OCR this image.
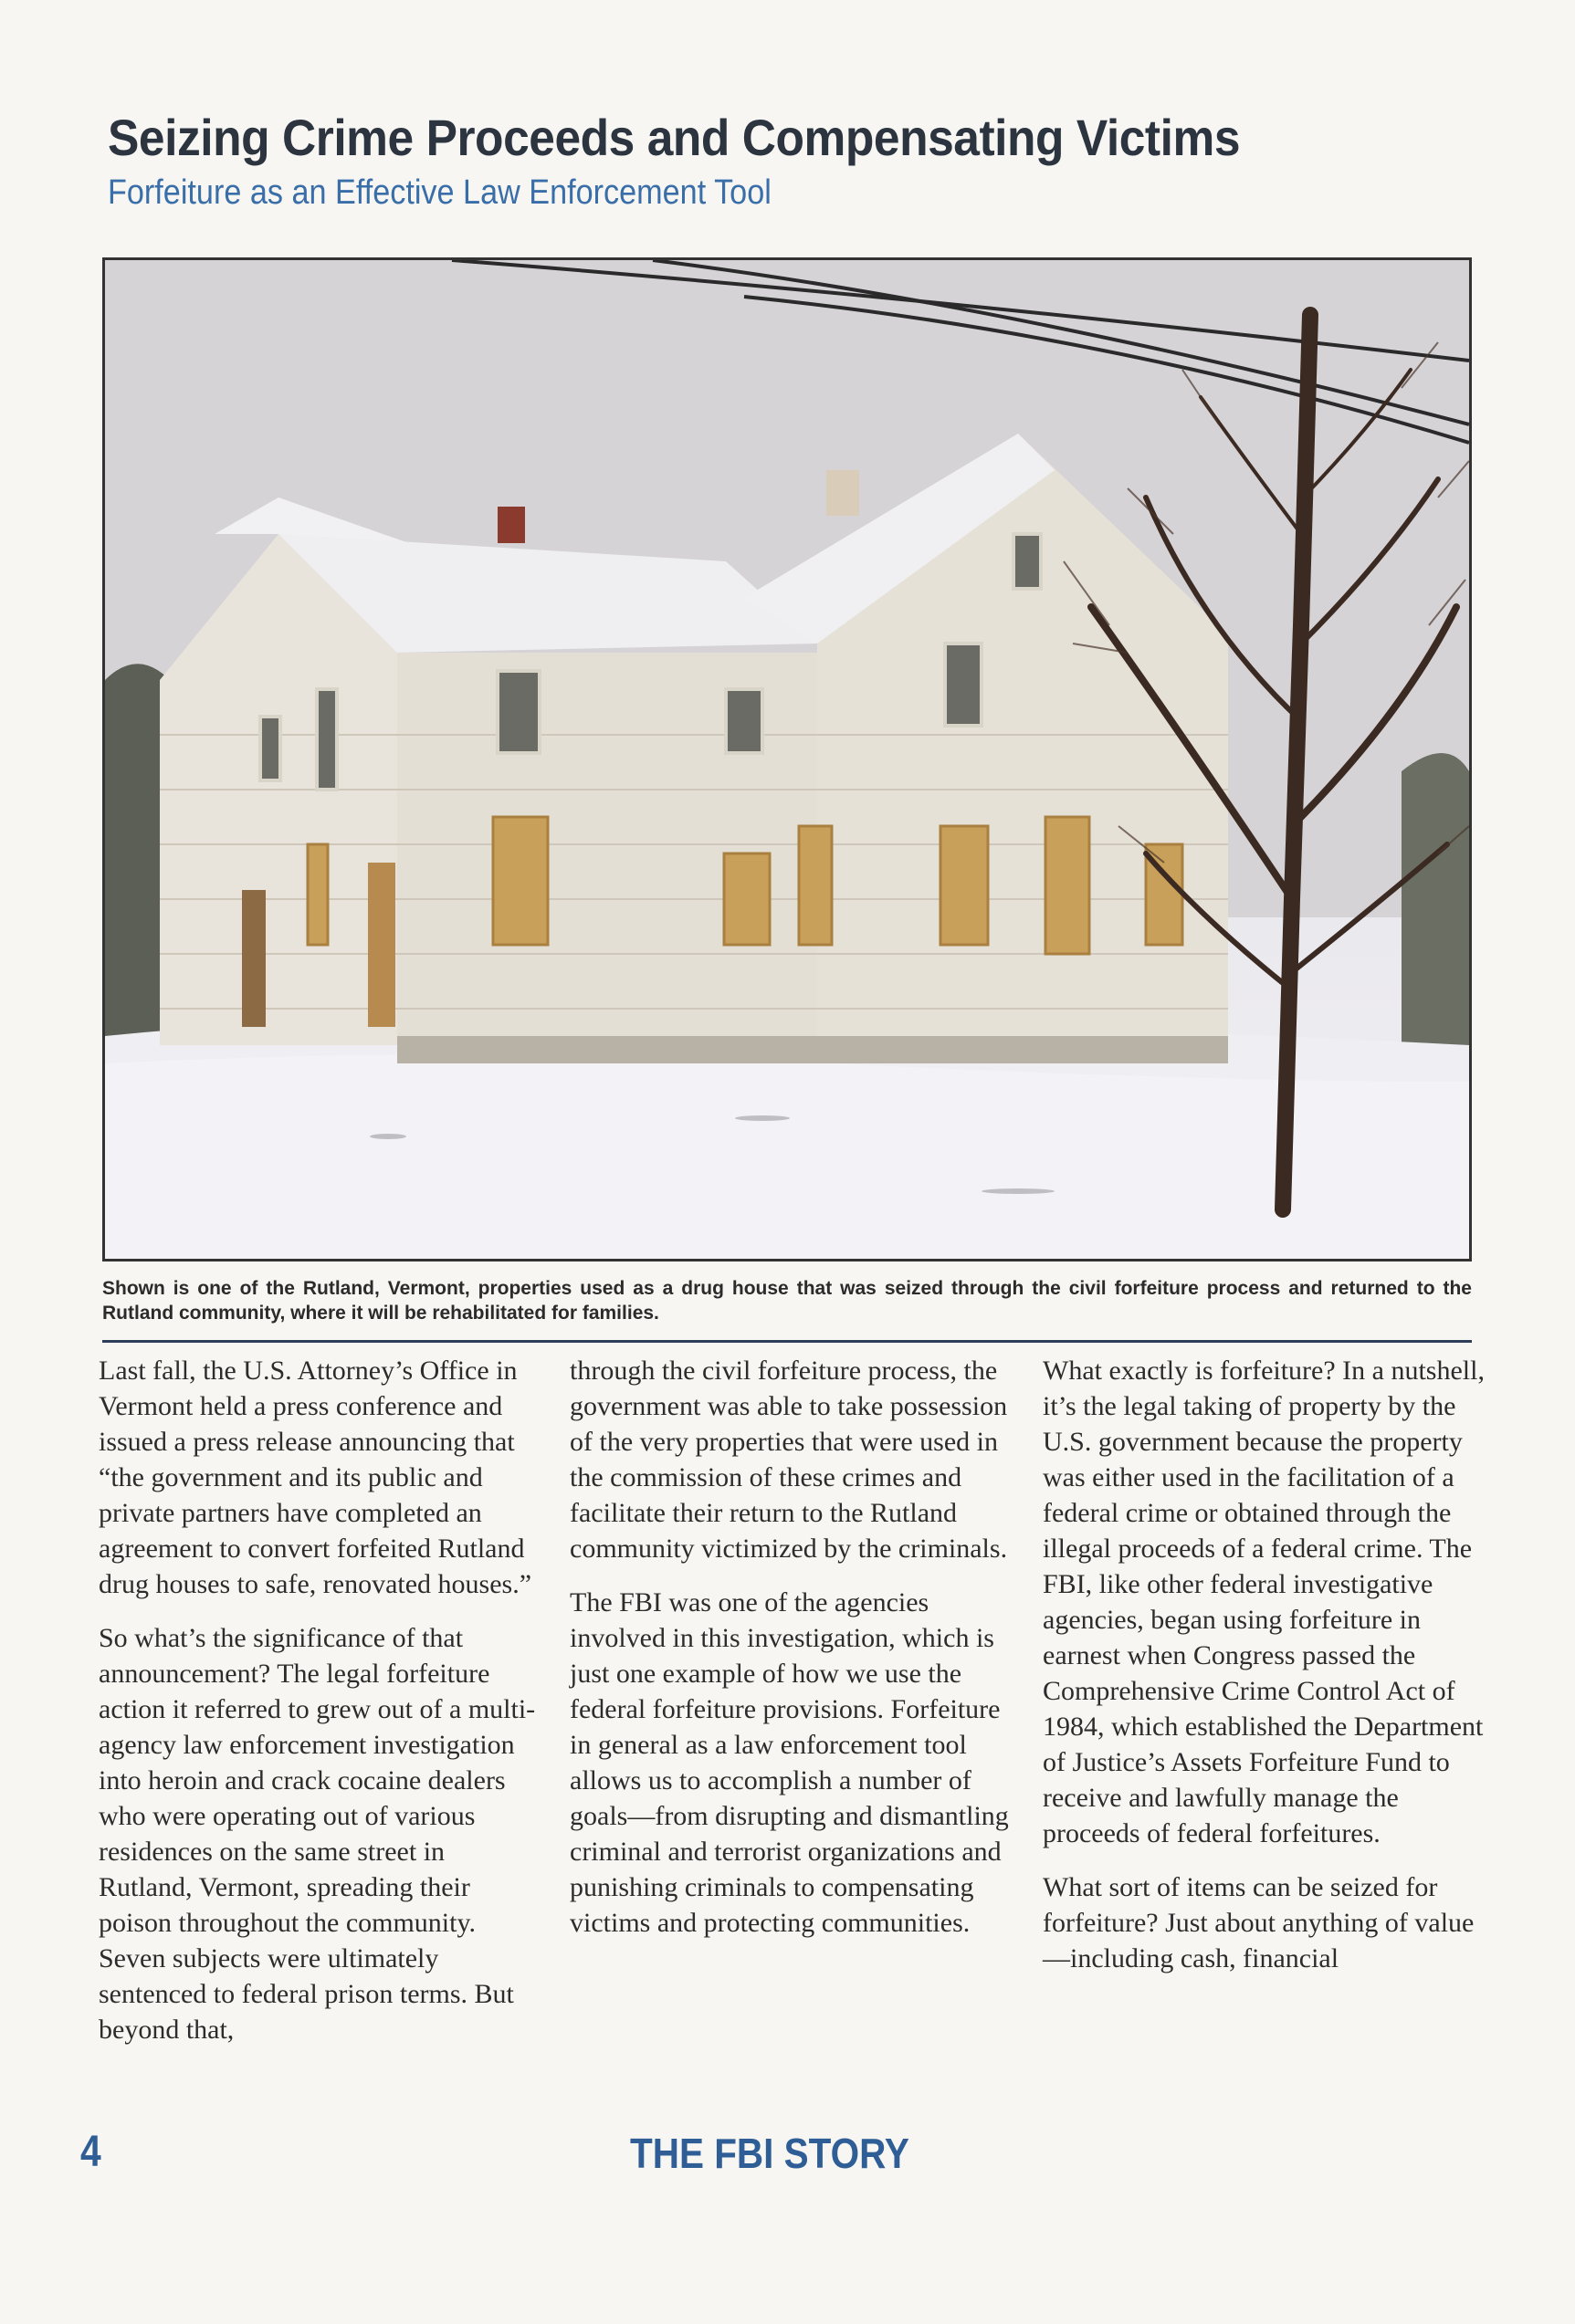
Seizing Crime Proceeds and Compensating Victims
Forfeiture as an Effective Law Enforcement Tool
Shown is one of the Rutland, Vermont, properties used as a drug house that was seized through the civil forfeiture process and returned to the Rutland community, where it will be rehabilitated for families.

Last fall, the U.S. Attorney’s Office in Vermont held a press conference and issued a press release announcing that “the government and its public and private partners have completed an agreement to convert forfeited Rutland drug houses to safe, renovated houses.”

So what’s the significance of that announcement? The legal forfeiture action it referred to grew out of a multi-agency law enforcement investigation into heroin and crack cocaine dealers who were operating out of various residences on the same street in Rutland, Vermont, spreading their poison throughout the community. Seven subjects were ultimately sentenced to federal prison terms. But beyond that,

through the civil forfeiture process, the government was able to take possession of the very properties that were used in the commission of these crimes and facilitate their return to the Rutland community victimized by the criminals.

The FBI was one of the agencies involved in this investigation, which is just one example of how we use the federal forfeiture provisions. Forfeiture in general as a law enforcement tool allows us to accomplish a number of goals—from disrupting and dismantling criminal and terrorist organizations and punishing criminals to compensating victims and protecting communities.

What exactly is forfeiture? In a nutshell, it’s the legal taking of property by the U.S. government because the property was either used in the facilitation of a federal crime or obtained through the illegal proceeds of a federal crime. The FBI, like other federal investigative agencies, began using forfeiture in earnest when Congress passed the Comprehensive Crime Control Act of 1984, which established the Department of Justice’s Assets Forfeiture Fund to receive and lawfully manage the proceeds of federal forfeitures.

What sort of items can be seized for forfeiture? Just about anything of value—including cash, financial

4	THE FBI STORY
